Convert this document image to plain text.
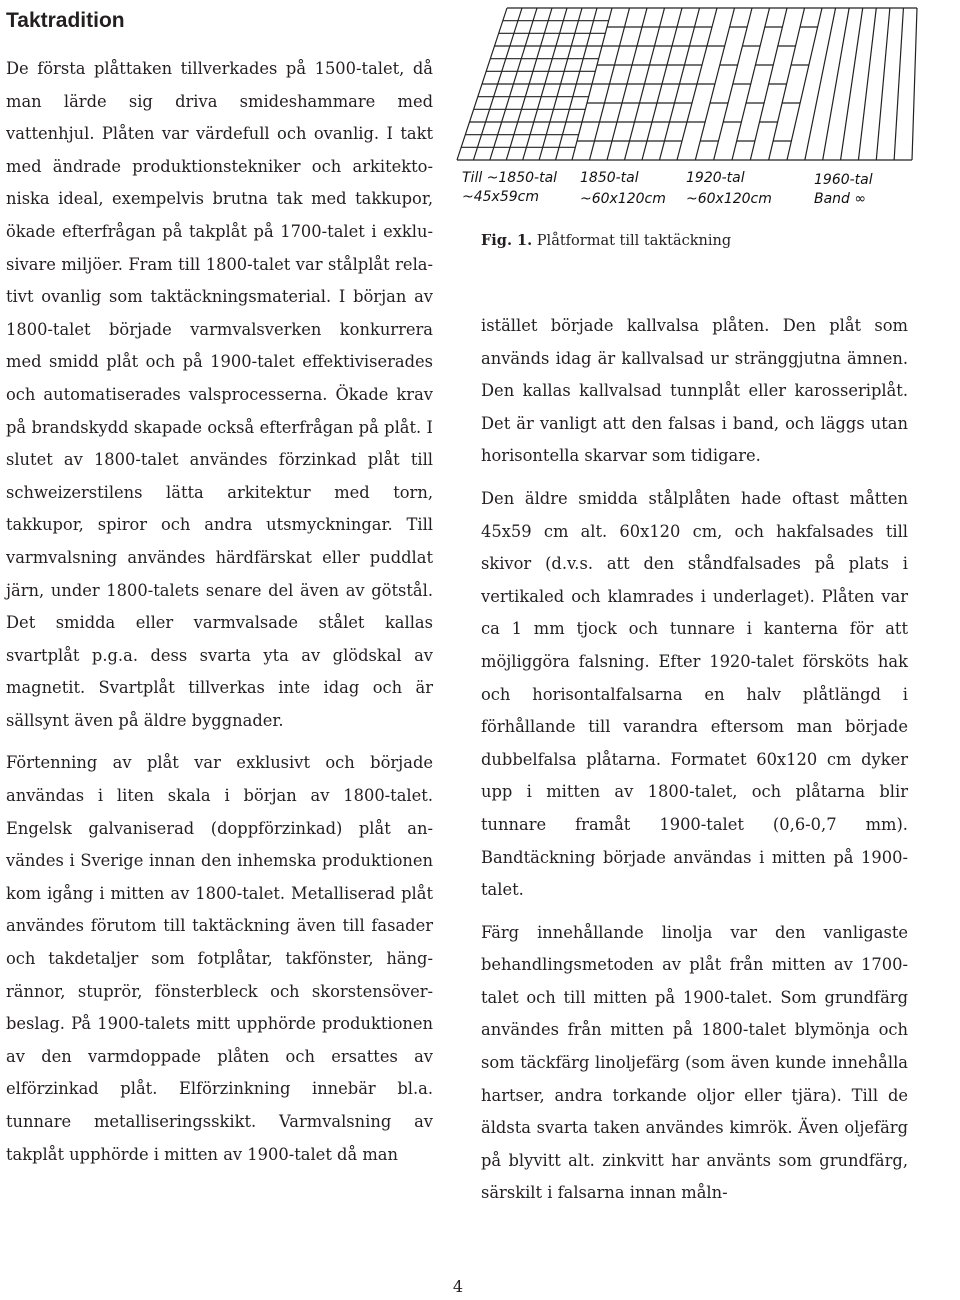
Taktradition

De första plåttaken tillverkades på 1500-talet, då man lärde sig driva smideshammare med vattenhjul. Plåten var värdefull och ovanlig. I takt med ändrade produktionstekniker och arkitektoniska ideal, exempelvis brutna tak med takkupor, ökade efterfrågan på takplåt på 1700-talet i exklusivare miljöer. Fram till 1800-talet var stålplåt relativt ovanlig som taktäckningsmaterial. I början av 1800-talet började varmvalsverken konkurrera med smidd plåt och på 1900-talet effektiviserades och automatiserades valsprocesserna. Ökade krav på brandskydd skapade också efterfrågan på plåt. I slutet av 1800-talet användes förzinkad plåt till schweizerstilens lätta arkitektur med torn, takkupor, spiror och andra utsmyckningar. Till varmvalsning användes härdfärskat eller puddlat järn, under 1800-talets senare del även av götstål. Det smidda eller varmvalsade stålet kallas svartplåt p.g.a. dess svarta yta av glödskal av magnetit. Svartplåt tillverkas inte idag och är sällsynt även på äldre byggnader.

Förtenning av plåt var exklusivt och började användas i liten skala i början av 1800-talet. Engelsk galvaniserad (doppförzinkad) plåt användes i Sverige innan den inhemska produktionen kom igång i mitten av 1800-talet. Metalliserad plåt användes förutom till taktäckning även till fasader och takdetaljer som fotplåtar, takfönster, hängrännor, stuprör, fönsterbleck och skorstensöverbeslag. På 1900-talets mitt upphörde produktionen av den varmdoppade plåten och ersattes av elförzinkad plåt. Elförzinkning innebär bl.a. tunnare metalliseringsskikt. Varmvalsning av takplåt upphörde i mitten av 1900-talet då man

Till ~1850-tal
~45x59cm
1850-tal
~60x120cm
1920-tal
~60x120cm
1960-tal
Band ∞
Fig. 1. Plåtformat till taktäckning

istället började kallvalsa plåten. Den plåt som används idag är kallvalsad ur stränggjutna ämnen. Den kallas kallvalsad tunnplåt eller karosseriplåt. Det är vanligt att den falsas i band, och läggs utan horisontella skarvar som tidigare.

Den äldre smidda stålplåten hade oftast måtten 45x59 cm alt. 60x120 cm, och hakfalsades till skivor (d.v.s. att den ståndfalsades på plats i vertikaled och klamrades i underlaget). Plåten var ca 1 mm tjock och tunnare i kanterna för att möjliggöra falsning. Efter 1920-talet försköts hak och horisontalfalsarna en halv plåtlängd i förhållande till varandra eftersom man började dubbelfalsa plåtarna. Formatet 60x120 cm dyker upp i mitten av 1800-talet, och plåtarna blir tunnare framåt 1900-talet (0,6-0,7 mm). Bandtäckning började användas i mitten på 1900-talet.

Färg innehållande linolja var den vanligaste behandlingsmetoden av plåt från mitten av 1700-talet och till mitten på 1900-talet. Som grundfärg användes från mitten på 1800-talet blymönja och som täckfärg linoljefärg (som även kunde innehålla hartser, andra torkande oljor eller tjära). Till de äldsta svarta taken användes kimrök. Även oljefärg på blyvitt alt. zinkvitt har använts som grundfärg, särskilt i falsarna innan måln-

4
